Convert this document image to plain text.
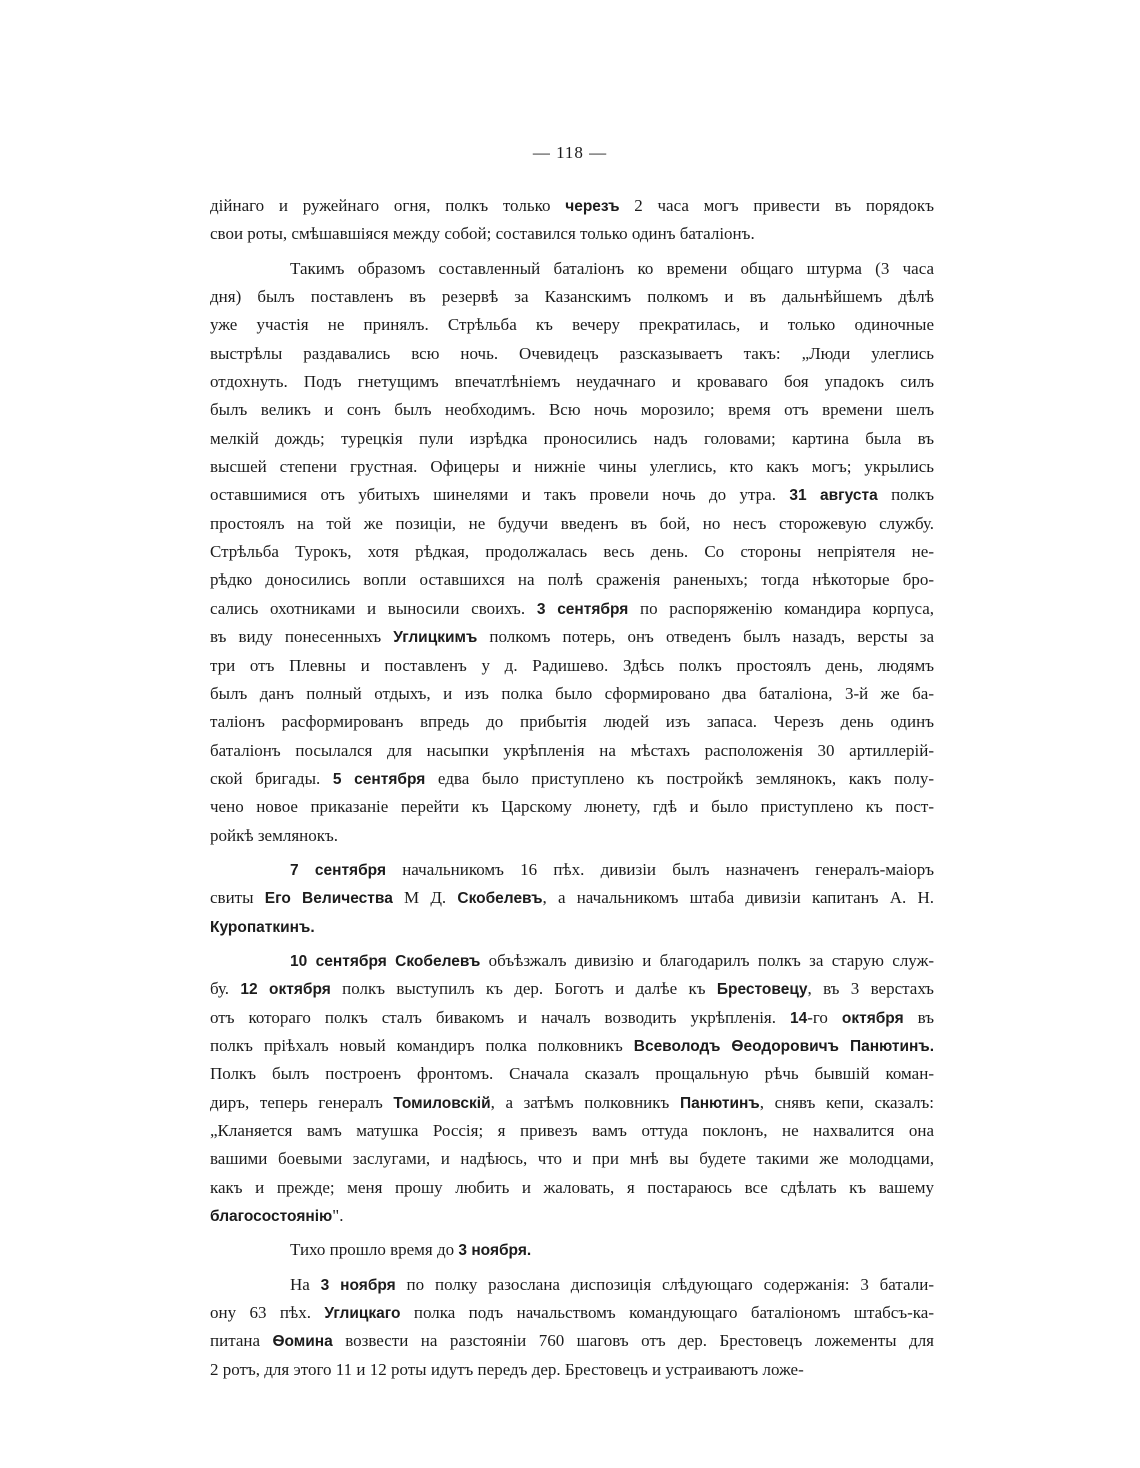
— 118 —
дійнаго и ружейнаго огня, полкъ только черезъ 2 часа могъ привести въ порядокъ
свои роты, смѣшавшіяся между собой; составился только одинъ баталіонъ.
Такимъ образомъ составленный баталіонъ ко времени общаго штурма (3 часа
дня) былъ поставленъ въ резервѣ за Казанскимъ полкомъ и въ дальнѣйшемъ дѣлѣ
уже участія не принялъ. Стрѣльба къ вечеру прекратилась, и только одиночные
выстрѣлы раздавались всю ночь. Очевидецъ разсказываетъ такъ: „Люди улеглись
отдохнуть. Подъ гнетущимъ впечатлѣніемъ неудачнаго и кроваваго боя упадокъ силъ
былъ великъ и сонъ былъ необходимъ. Всю ночь морозило; время отъ времени шелъ
мелкій дождь; турецкія пули изрѣдка проносились надъ головами; картина была въ
высшей степени грустная. Офицеры и нижніе чины улеглись, кто какъ могъ; укрылись
оставшимися отъ убитыхъ шинелями и такъ провели ночь до утра. 31 августа полкъ
простоялъ на той же позиціи, не будучи введенъ въ бой, но несъ сторожевую службу.
Стрѣльба Турокъ, хотя рѣдкая, продолжалась весь день. Со стороны непріятеля не-
рѣдко доносились вопли оставшихся на полѣ сраженія раненыхъ; тогда нѣкоторые бро-
сались охотниками и выносили своихъ. 3 сентября по распоряженію командира корпуса,
въ виду понесенныхъ Углицкимъ полкомъ потерь, онъ отведенъ былъ назадъ, версты за
три отъ Плевны и поставленъ у д. Радишево. Здѣсь полкъ простоялъ день, людямъ
былъ данъ полный отдыхъ, и изъ полка было сформировано два баталіона, 3-й же ба-
таліонъ расформированъ впредь до прибытія людей изъ запаса. Черезъ день одинъ
баталіонъ посылался для насыпки укрѣпленія на мѣстахъ расположенія 30 артиллерій-
ской бригады. 5 сентября едва было приступлено къ постройкѣ землянокъ, какъ полу-
чено новое приказаніе перейти къ Царскому люнету, гдѣ и было приступлено къ пост-
ройкѣ землянокъ.
7 сентября начальникомъ 16 пѣх. дивизіи былъ назначенъ генералъ-маіоръ
свиты Его Величества М Д. Скобелевъ, а начальникомъ штаба дивизіи капитанъ А. Н.
Куропаткинъ.
10 сентября Скобелевъ объѣзжалъ дивизію и благодарилъ полкъ за старую служ-
бу. 12 октября полкъ выступилъ къ дер. Боготъ и далѣе къ Брестовецу, въ 3 верстахъ
отъ котораго полкъ сталъ бивакомъ и началъ возводить укрѣпленія. 14-го октября въ
полкъ пріѣхалъ новый командиръ полка полковникъ Всеволодъ Ѳеодоровичъ Панютинъ.
Полкъ былъ построенъ фронтомъ. Сначала сказалъ прощальную рѣчь бывшій коман-
диръ, теперь генералъ Томиловскій, а затѣмъ полковникъ Панютинъ, снявъ кепи, сказалъ:
„Кланяется вамъ матушка Россія; я привезъ вамъ оттуда поклонъ, не нахвалится она
вашими боевыми заслугами, и надѣюсь, что и при мнѣ вы будете такими же молодцами,
какъ и прежде; меня прошу любить и жаловать, я постараюсь все сдѣлать къ вашему
благосостоянію".
Тихо прошло время до 3 ноября.
На 3 ноября по полку разослана диспозиція слѣдующаго содержанія: 3 батали-
ону 63 пѣх. Углицкаго полка подъ начальствомъ командующаго баталіономъ штабсъ-ка-
питана Ѳомина возвести на разстояніи 760 шаговъ отъ дер. Брестовецъ ложементы для
2 ротъ, для этого 11 и 12 роты идутъ передъ дер. Брестовецъ и устраиваютъ ложе-
